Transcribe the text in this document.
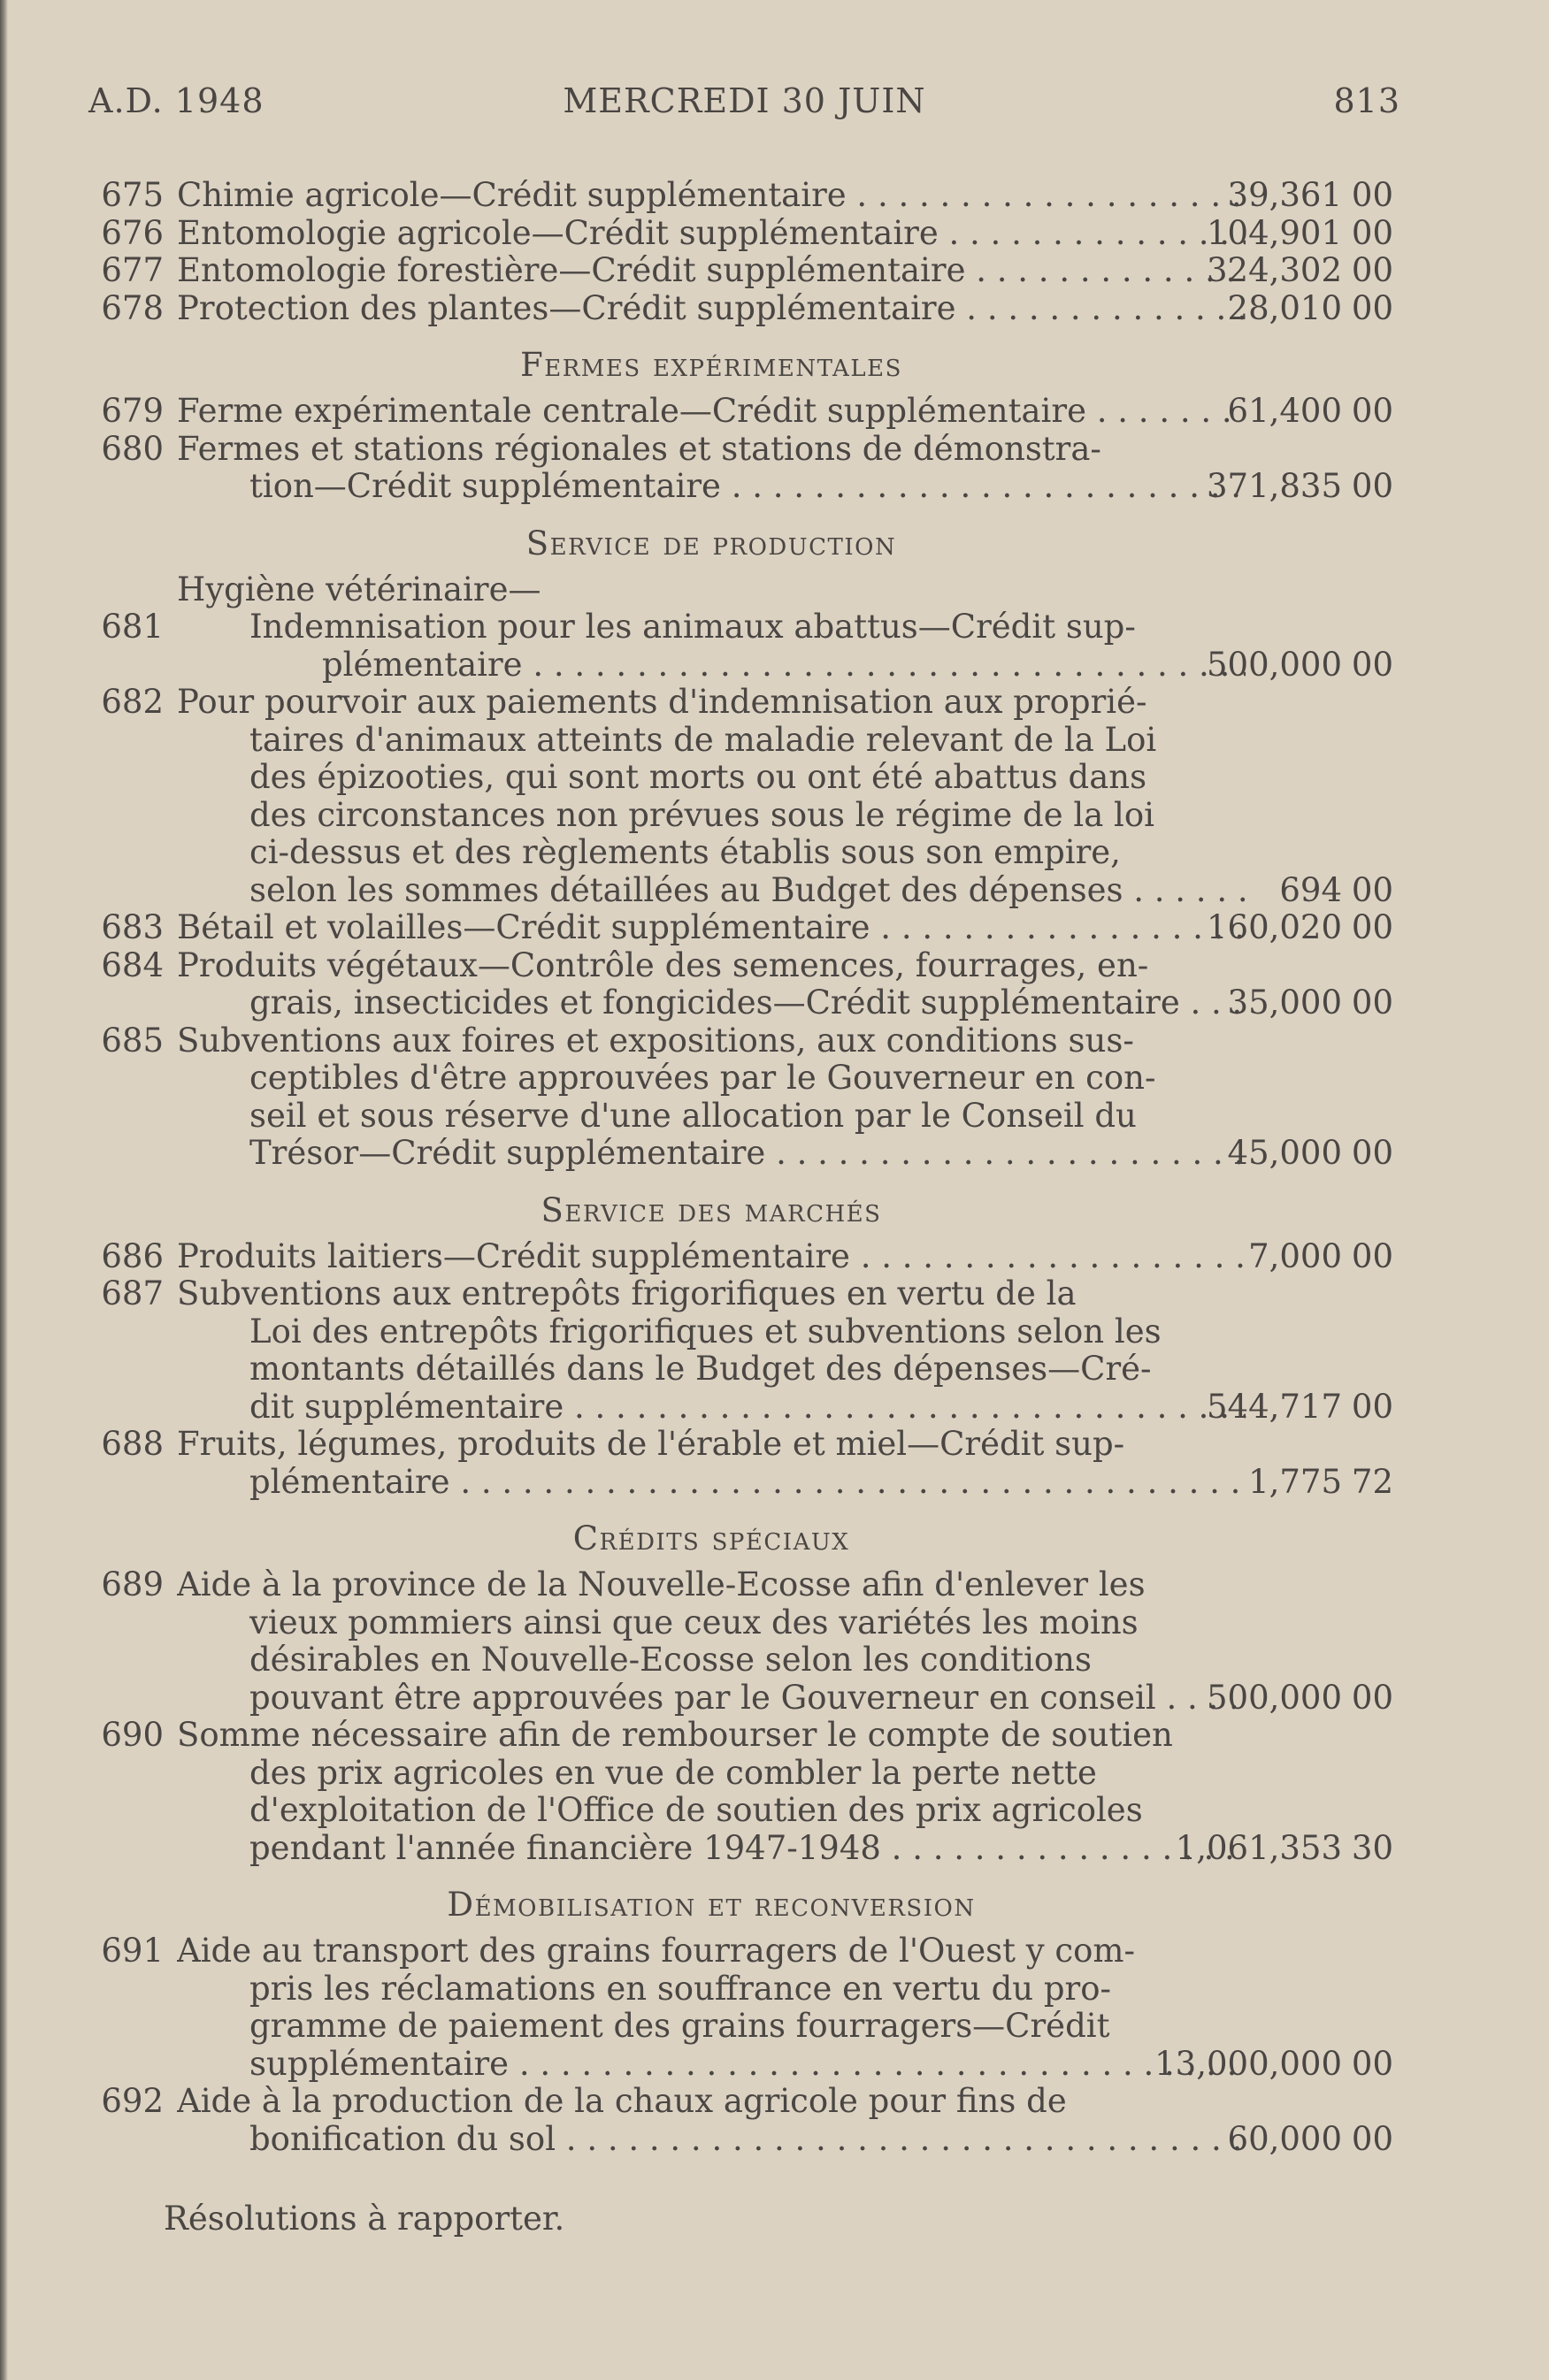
A.D. 1948	MERCREDI 30 JUIN	813
675 Chimie agricole—Crédit supplémentaire . . .	39,361 00
676 Entomologie agricole—Crédit supplémentaire . . .	104,901 00
677 Entomologie forestière—Crédit supplémentaire . . .	324,302 00
678 Protection des plantes—Crédit supplémentaire . . .	28,010 00
Fermes expérimentales
679 Ferme expérimentale centrale—Crédit supplémentaire . . .	61,400 00
680 Fermes et stations régionales et stations de démonstra-
tion—Crédit supplémentaire . . .	371,835 00
Service de production
Hygiène vétérinaire—
681	Indemnisation pour les animaux abattus—Crédit sup-
plémentaire . . .	500,000 00
682 Pour pourvoir aux paiements d'indemnisation aux proprié-
taires d'animaux atteints de maladie relevant de la Loi
des épizooties, qui sont morts ou ont été abattus dans
des circonstances non prévues sous le régime de la loi
ci-dessus et des règlements établis sous son empire,
selon les sommes détaillées au Budget des dépenses . . .	694 00
683 Bétail et volailles—Crédit supplémentaire . . .	160,020 00
684 Produits végétaux—Contrôle des semences, fourrages, en-
grais, insecticides et fongicides—Crédit supplémentaire . . .	35,000 00
685 Subventions aux foires et expositions, aux conditions sus-
ceptibles d'être approuvées par le Gouverneur en con-
seil et sous réserve d'une allocation par le Conseil du
Trésor—Crédit supplémentaire . . .	45,000 00
Service des marchés
686 Produits laitiers—Crédit supplémentaire . . .	7,000 00
687 Subventions aux entrepôts frigorifiques en vertu de la
Loi des entrepôts frigorifiques et subventions selon les
montants détaillés dans le Budget des dépenses—Cré-
dit supplémentaire . . .	544,717 00
688 Fruits, légumes, produits de l'érable et miel—Crédit sup-
plémentaire . . .	1,775 72
Crédits spéciaux
689 Aide à la province de la Nouvelle-Ecosse afin d'enlever les
vieux pommiers ainsi que ceux des variétés les moins
désirables en Nouvelle-Ecosse selon les conditions
pouvant être approuvées par le Gouverneur en conseil . . .	500,000 00
690 Somme nécessaire afin de rembourser le compte de soutien
des prix agricoles en vue de combler la perte nette
d'exploitation de l'Office de soutien des prix agricoles
pendant l'année financière 1947-1948 . . .	1,061,353 30
Démobilisation et reconversion
691 Aide au transport des grains fourragers de l'Ouest y com-
pris les réclamations en souffrance en vertu du pro-
gramme de paiement des grains fourragers—Crédit
supplémentaire . . .	13,000,000 00
692 Aide à la production de la chaux agricole pour fins de
bonification du sol . . .	60,000 00
Résolutions à rapporter.
